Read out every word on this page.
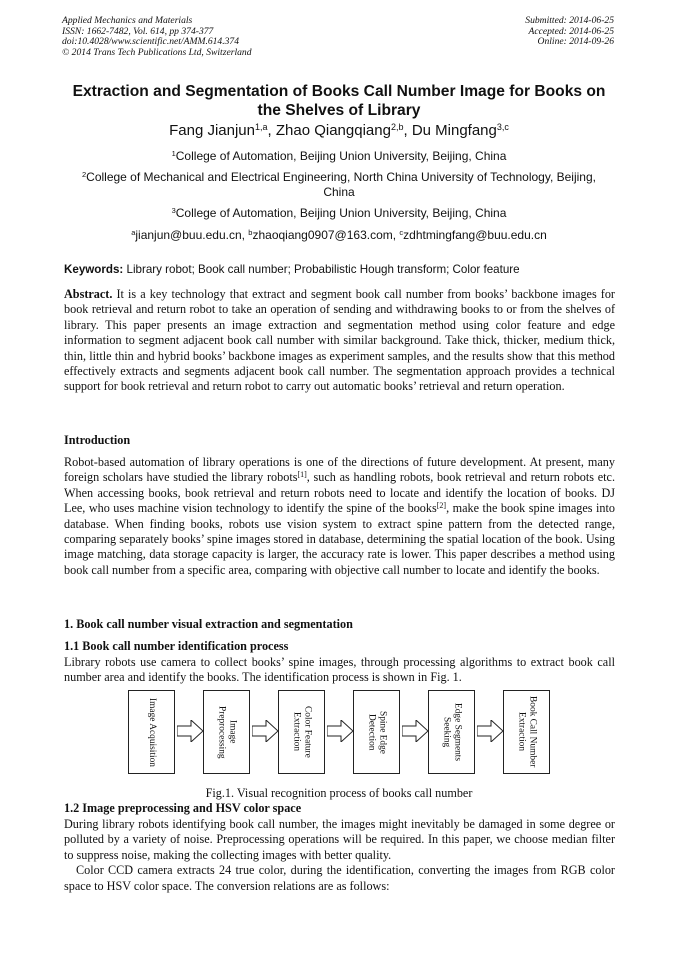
Applied Mechanics and Materials
ISSN: 1662-7482, Vol. 614, pp 374-377
doi:10.4028/www.scientific.net/AMM.614.374
© 2014 Trans Tech Publications Ltd, Switzerland
Submitted: 2014-06-25
Accepted: 2014-06-25
Online: 2014-09-26
Extraction and Segmentation of Books Call Number Image for Books on
the Shelves of Library
Fang Jianjun$^{1,a}$, Zhao Qiangqiang$^{2,b}$, Du Mingfang$^{3,c}$
$^1$College of Automation, Beijing Union University, Beijing, China
$^2$College of Mechanical and Electrical Engineering, North China University of Technology, Beijing,
China
$^3$College of Automation, Beijing Union University, Beijing, China
$^a$jianjun@buu.edu.cn, $^b$zhaoqiang0907@163.com, $^c$zdhtmingfang@buu.edu.cn
Keywords: Library robot; Book call number; Probabilistic Hough transform; Color feature
Abstract. It is a key technology that extract and segment book call number from books’ backbone images for book retrieval and return robot to take an operation of sending and withdrawing books to or from the shelves of library. This paper presents an image extraction and segmentation method using color feature and edge information to segment adjacent book call number with similar background. Take thick, thicker, medium thick, thin, little thin and hybrid books’ backbone images as experiment samples, and the results show that this method effectively extracts and segments adjacent book call number. The segmentation approach provides a technical support for book retrieval and return robot to carry out automatic books’ retrieval and return operation.
Introduction
Robot-based automation of library operations is one of the directions of future development. At present, many foreign scholars have studied the library robots[1], such as handling robots, book retrieval and return robots etc. When accessing books, book retrieval and return robots need to locate and identify the location of books. DJ Lee, who uses machine vision technology to identify the spine of the books[2], make the book spine images into database. When finding books, robots use vision system to extract spine pattern from the detected range, comparing separately books’ spine images stored in database, determining the spatial location of the book. Using image matching, data storage capacity is larger, the accuracy rate is lower. This paper describes a method using book call number from a specific area, comparing with objective call number to locate and identify the books.
1. Book call number visual extraction and segmentation
1.1 Book call number identification process
Library robots use camera to collect books’ spine images, through processing algorithms to extract book call number area and identify the books. The identification process is shown in Fig. 1.
Image Acquisition	Image
Preprocessing	Color Feature
Extraction	Spine Edge
Detection
Edge Segments
Seeking
Book Call Number
Extraction
Fig.1. Visual recognition process of books call number
1.2 Image preprocessing and HSV color space
During library robots identifying book call number, the images might inevitably be damaged in some degree or polluted by a variety of noise. Preprocessing operations will be required. In this paper, we choose median filter to suppress noise, making the collecting images with better quality.
Color CCD camera extracts 24 true color, during the identification, converting the images from RGB color space to HSV color space. The conversion relations are as follows:
